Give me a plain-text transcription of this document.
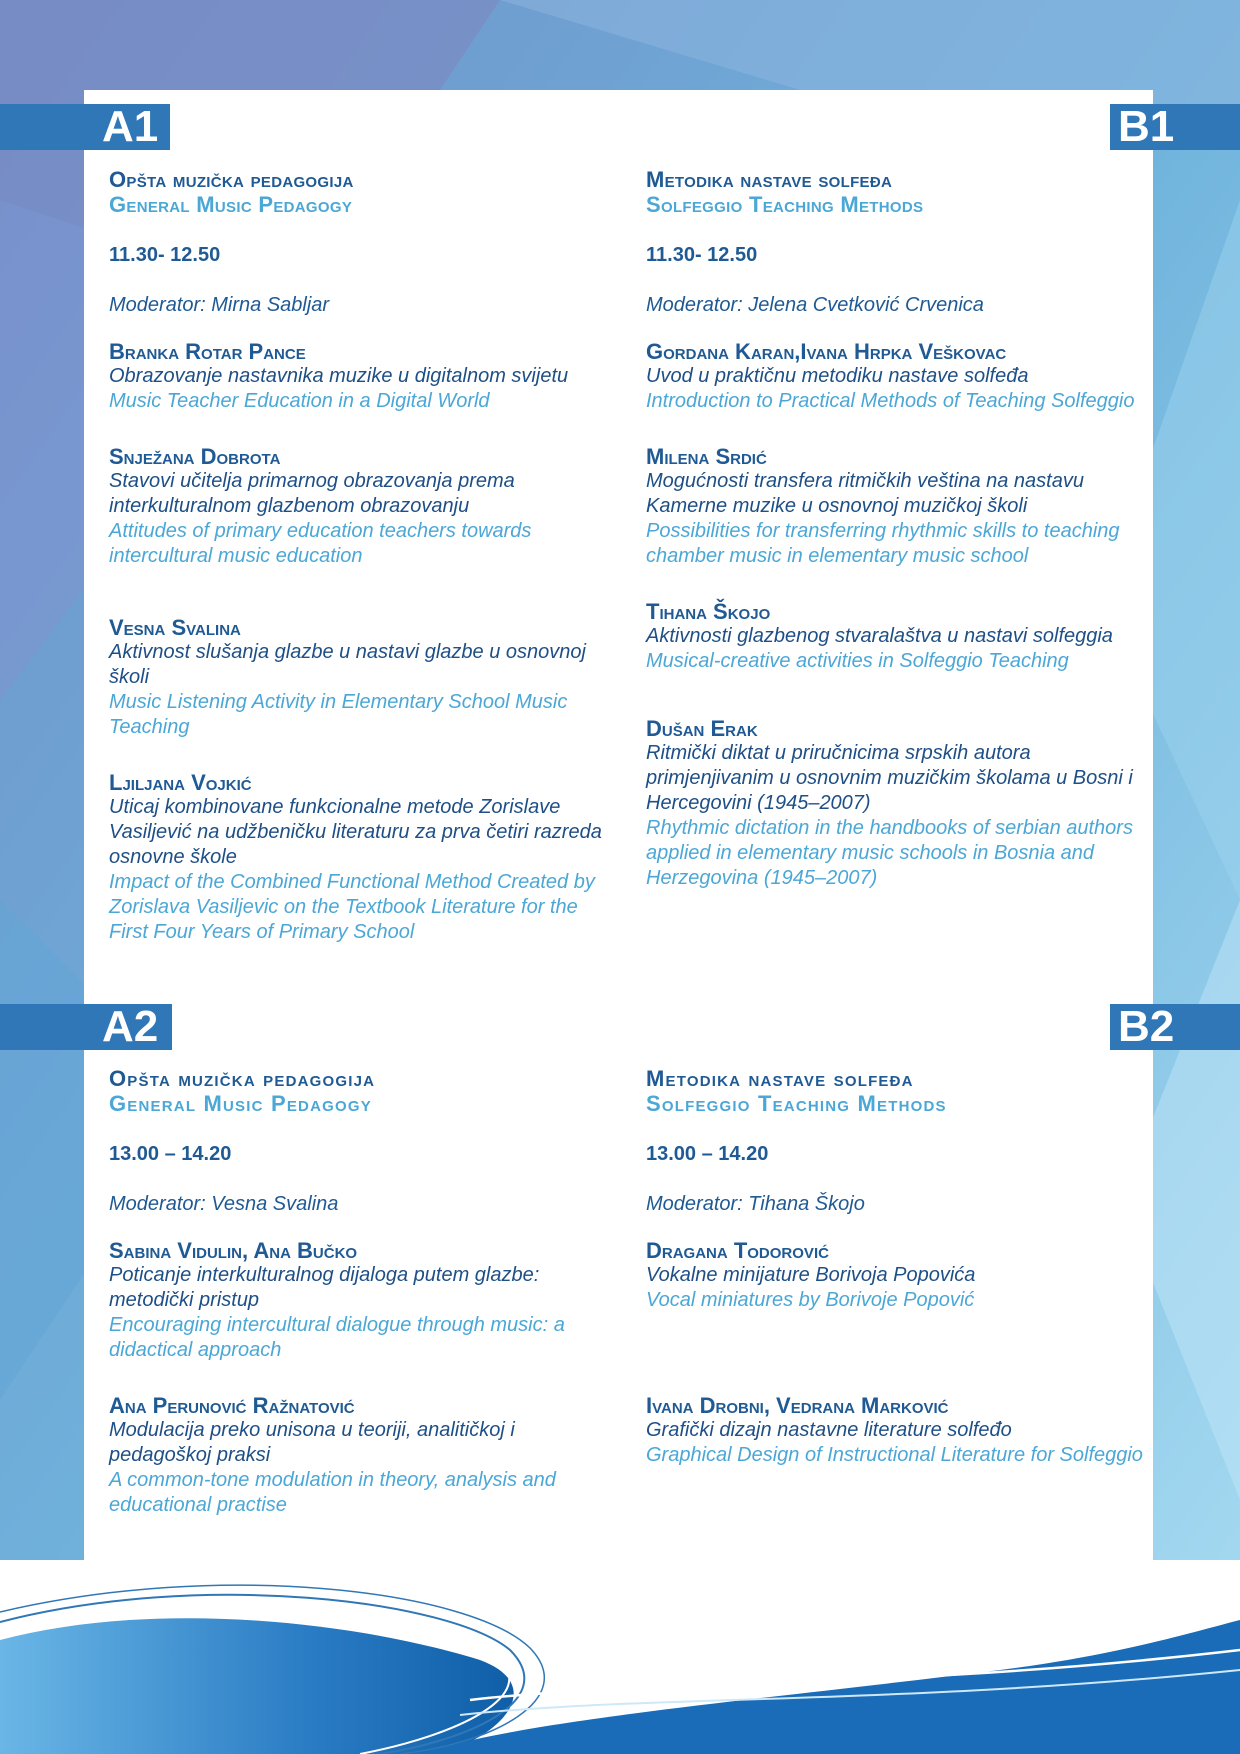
A1	B1
A2	B2
Opšta muzička pedagogija
General Music Pedagogy
11.30- 12.50
Moderator: Mirna Sabljar
Branka Rotar Pance
Obrazovanje nastavnika muzike u digitalnom svijetu
Music Teacher Education in a Digital World
Snježana Dobrota
Stavovi učitelja primarnog obrazovanja prema interkulturalnom glazbenom obrazovanju
Attitudes of primary education teachers towards intercultural music education
Vesna Svalina
Aktivnost slušanja glazbe u nastavi glazbe u osnovnoj školi
Music Listening Activity in Elementary School Music Teaching
Ljiljana Vojkić
Uticaj kombinovane funkcionalne metode Zorislave Vasiljević na udžbeničku literaturu za prva četiri razreda osnovne škole
Impact of the Combined Functional Method Created by Zorislava Vasiljevic on the Textbook Literature for the First Four Years of Primary School
Metodika nastave solfeđa
Solfeggio Teaching Methods
11.30- 12.50
Moderator: Jelena Cvetković Crvenica
Gordana Karan,Ivana Hrpka Veškovac
Uvod u praktičnu metodiku nastave solfeđa
Introduction to Practical Methods of Teaching Solfeggio
Milena Srdić
Mogućnosti transfera ritmičkih veština na nastavu Kamerne muzike u osnovnoj muzičkoj školi
Possibilities for transferring rhythmic skills to teaching chamber music in elementary music school
Tihana Škojo
Aktivnosti glazbenog stvaralaštva u nastavi solfeggia
Musical-creative activities in Solfeggio Teaching
Dušan Erak
Ritmički diktat u priručnicima srpskih autora primjenjivanim u osnovnim muzičkim školama u Bosni i Hercegovini (1945–2007)
Rhythmic dictation in the handbooks of serbian authors applied in elementary music schools in Bosnia and Herzegovina (1945–2007)
Opšta muzička pedagogija
General Music Pedagogy
13.00 – 14.20
Moderator: Vesna Svalina
Sabina Vidulin, Ana Bučko
Poticanje interkulturalnog dijaloga putem glazbe: metodički pristup
Encouraging intercultural dialogue through music: a didactical approach
Ana Perunović Ražnatović
Modulacija preko unisona u teoriji, analitičkoj i pedagoškoj praksi
A common-tone modulation in theory, analysis and educational practise
Metodika nastave solfeđa
Solfeggio Teaching Methods
13.00 – 14.20
Moderator: Tihana Škojo
Dragana Todorović
Vokalne minijature Borivoja Popovića
Vocal miniatures by Borivoje Popović
Ivana Drobni, Vedrana Marković
Grafički dizajn nastavne literature solfeđo
Graphical Design of Instructional Literature for Solfeggio
